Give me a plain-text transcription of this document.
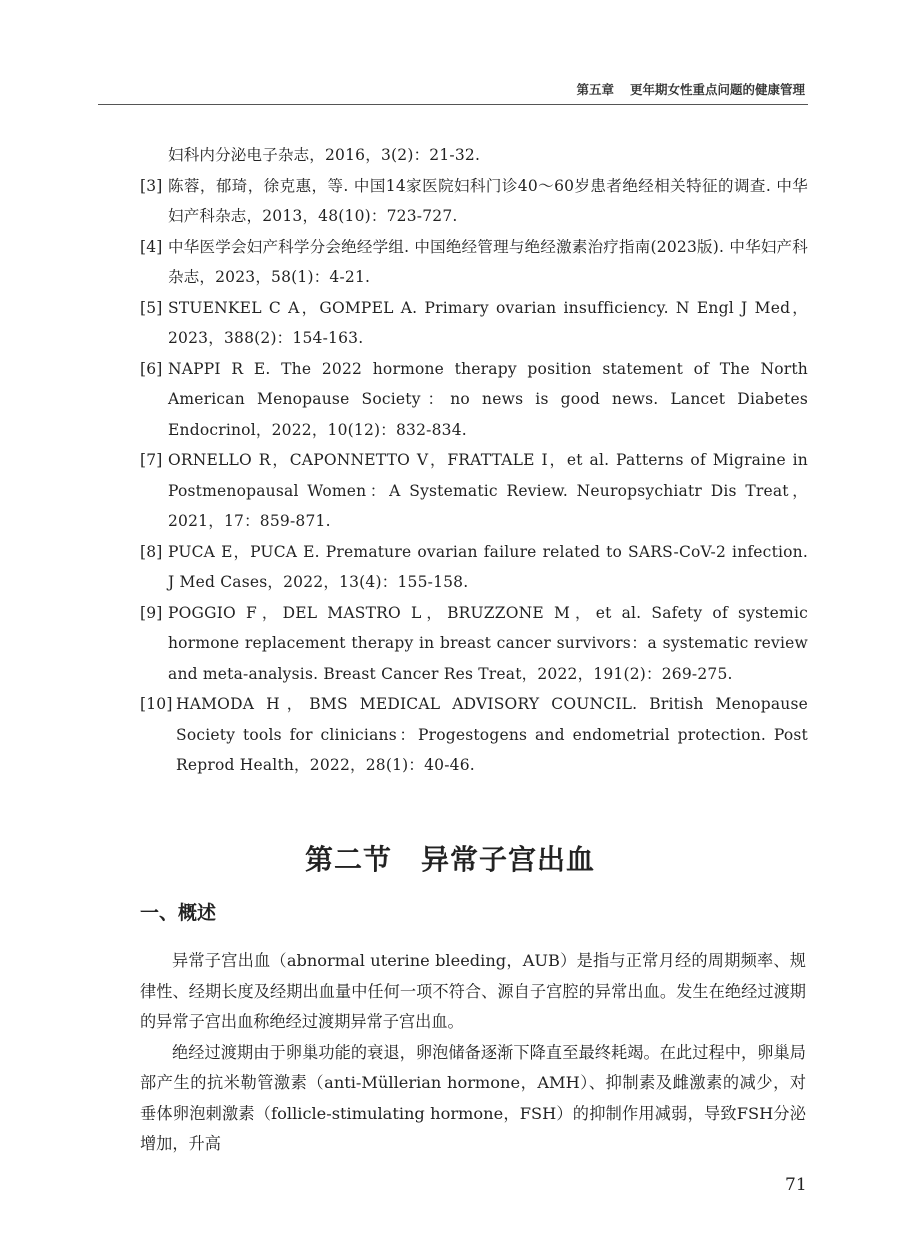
第五章 更年期女性重点问题的健康管理
妇科内分泌电子杂志，2016，3(2)：21-32.
[3] 陈蓉，郁琦，徐克惠，等. 中国14家医院妇科门诊40～60岁患者绝经相关特征的调查. 中华妇产科杂志，2013，48(10)：723-727.
[4] 中华医学会妇产科学分会绝经学组. 中国绝经管理与绝经激素治疗指南(2023版). 中华妇产科杂志，2023，58(1)：4-21.
[5] STUENKEL C A，GOMPEL A. Primary ovarian insufficiency. N Engl J Med，2023，388(2)：154-163.
[6] NAPPI R E. The 2022 hormone therapy position statement of The North American Menopause Society：no news is good news. Lancet Diabetes Endocrinol，2022，10(12)：832-834.
[7] ORNELLO R，CAPONNETTO V，FRATTALE I，et al. Patterns of Migraine in Postmenopausal Women：A Systematic Review. Neuropsychiatr Dis Treat，2021，17：859-871.
[8] PUCA E，PUCA E. Premature ovarian failure related to SARS-CoV-2 infection. J Med Cases，2022，13(4)：155-158.
[9] POGGIO F，DEL MASTRO L，BRUZZONE M，et al. Safety of systemic hormone replacement therapy in breast cancer survivors：a systematic review and meta-analysis. Breast Cancer Res Treat，2022，191(2)：269-275.
[10] HAMODA H，BMS MEDICAL ADVISORY COUNCIL. British Menopause Society tools for clinicians：Progestogens and endometrial protection. Post Reprod Health，2022，28(1)：40-46.
第二节　异常子宫出血
一、概述

异常子宫出血（abnormal uterine bleeding，AUB）是指与正常月经的周期频率、规律性、经期长度及经期出血量中任何一项不符合、源自子宫腔的异常出血。发生在绝经过渡期的异常子宫出血称绝经过渡期异常子宫出血。

绝经过渡期由于卵巢功能的衰退，卵泡储备逐渐下降直至最终耗竭。在此过程中，卵巢局部产生的抗米勒管激素（anti-Müllerian hormone，AMH）、抑制素及雌激素的减少，对垂体卵泡刺激素（follicle-stimulating hormone，FSH）的抑制作用减弱，导致FSH分泌增加，升高

71
